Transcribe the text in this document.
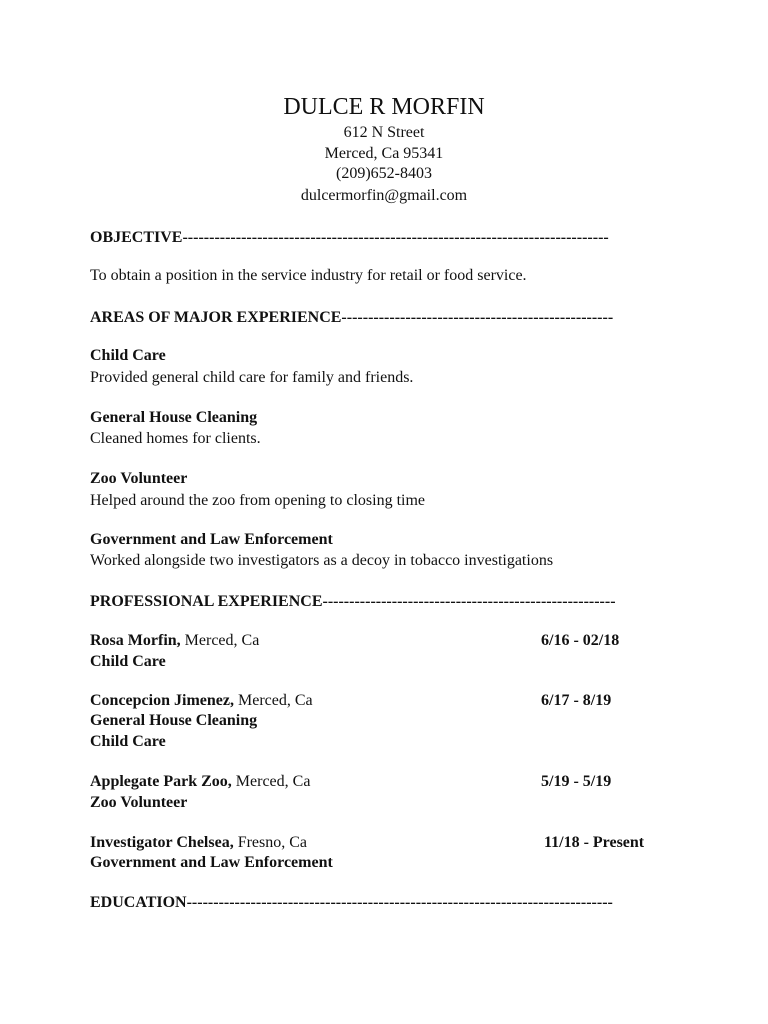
DULCE R MORFIN
612 N Street
Merced, Ca 95341
(209)652-8403
dulcermorfin@gmail.com
OBJECTIVE--------------------------------------------------------------------------------
To obtain a position in the service industry for retail or food service.
AREAS OF MAJOR EXPERIENCE---------------------------------------------------
Child Care
Provided general child care for family and friends.
General House Cleaning
Cleaned homes for clients.
Zoo Volunteer
Helped around the zoo from opening to closing time
Government and Law Enforcement
Worked alongside two investigators as a decoy in tobacco investigations
PROFESSIONAL EXPERIENCE-------------------------------------------------------
Rosa Morfin, Merced, Ca	6/16 - 02/18
Child Care
Concepcion Jimenez, Merced, Ca	6/17 - 8/19
General House Cleaning
Child Care
Applegate Park Zoo, Merced, Ca	5/19 - 5/19
Zoo Volunteer
Investigator Chelsea, Fresno, Ca	11/18 - Present
Government and Law Enforcement
EDUCATION--------------------------------------------------------------------------------
